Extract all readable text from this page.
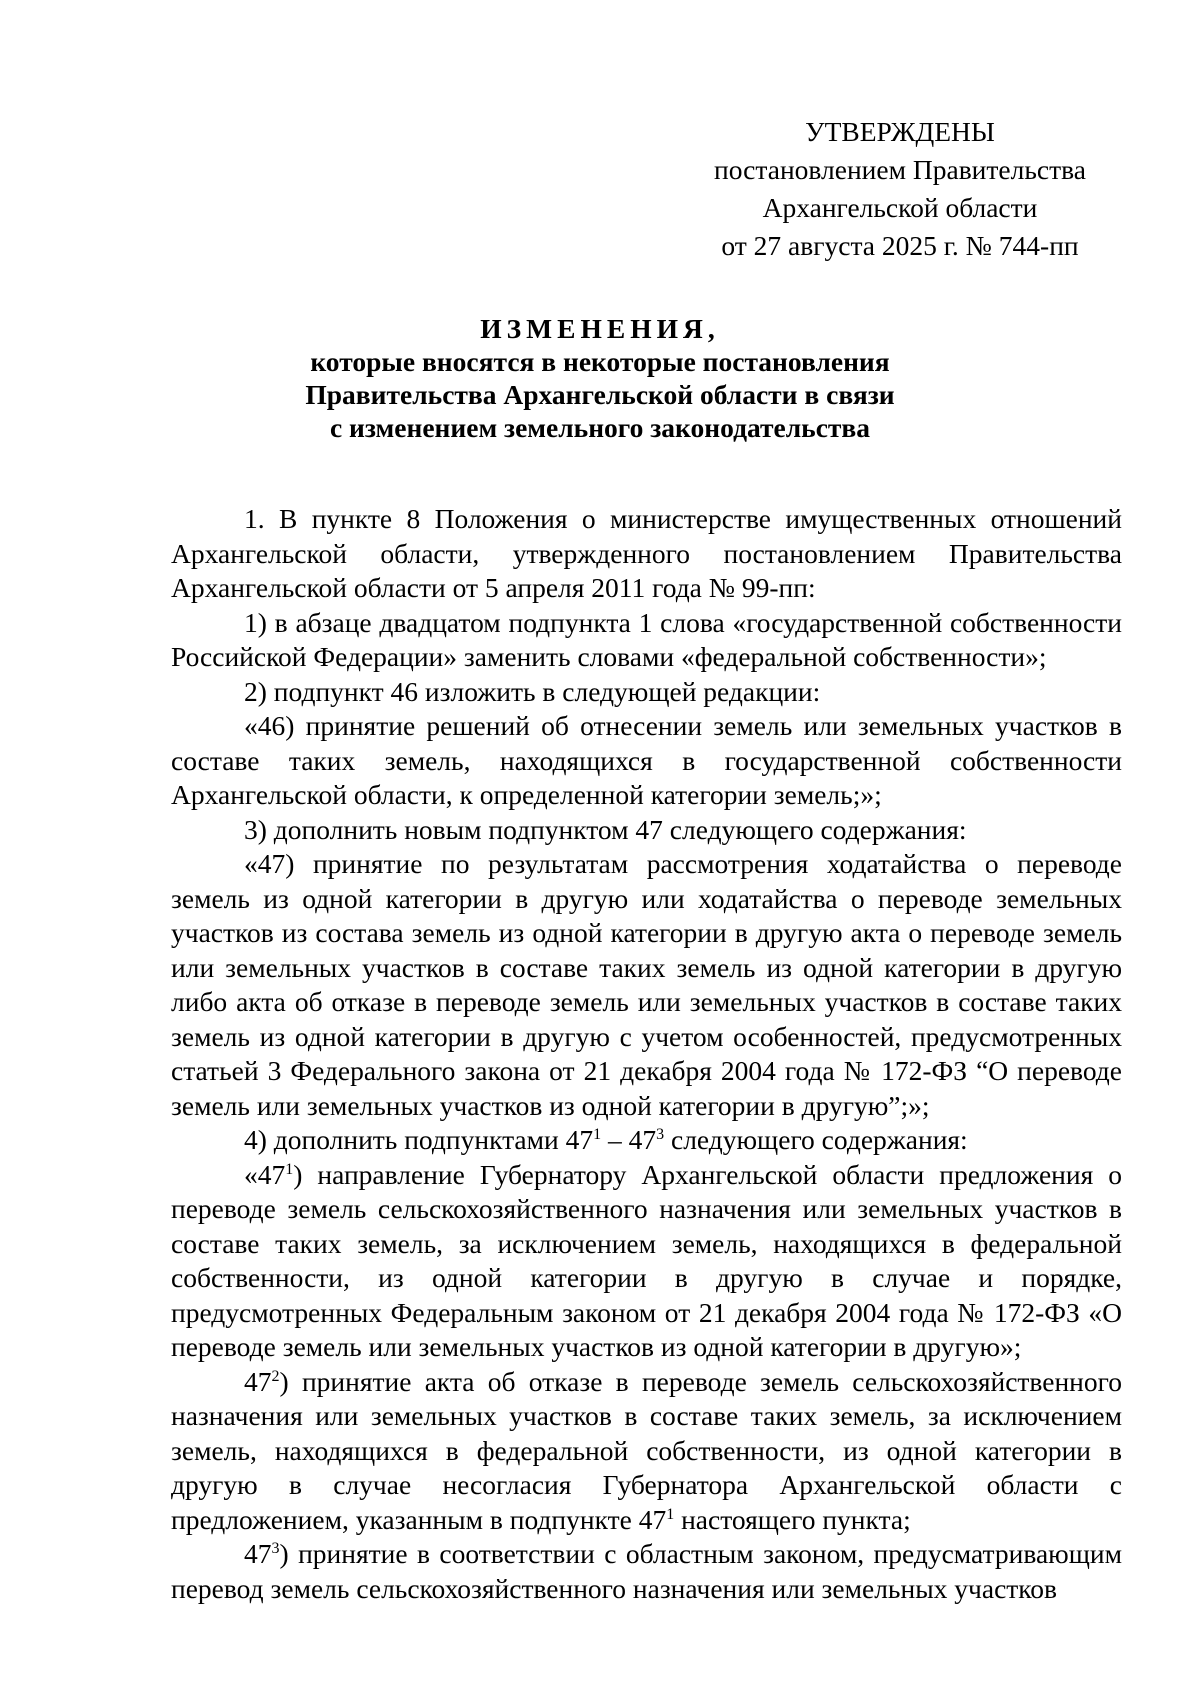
УТВЕРЖДЕНЫ
постановлением Правительства
Архангельской области
от 27 августа 2025 г. № 744-пп
ИЗМЕНЕНИЯ,
которые вносятся в некоторые постановления
Правительства Архангельской области в связи
с изменением земельного законодательства

1. В пункте 8 Положения о министерстве имущественных отношений Архангельской области, утвержденного постановлением Правительства Архангельской области от 5 апреля 2011 года № 99-пп:

1) в абзаце двадцатом подпункта 1 слова «государственной собственности Российской Федерации» заменить словами «федеральной собственности»;

2) подпункт 46 изложить в следующей редакции:

«46) принятие решений об отнесении земель или земельных участков в составе таких земель, находящихся в государственной собственности Архангельской области, к определенной категории земель;»;

3) дополнить новым подпунктом 47 следующего содержания:

«47) принятие по результатам рассмотрения ходатайства о переводе земель из одной категории в другую или ходатайства о переводе земельных участков из состава земель из одной категории в другую акта о переводе земель или земельных участков в составе таких земель из одной категории в другую либо акта об отказе в переводе земель или земельных участков в составе таких земель из одной категории в другую с учетом особенностей, предусмотренных статьей 3 Федерального закона от 21 декабря 2004 года № 172-ФЗ “О переводе земель или земельных участков из одной категории в другую”;»;

4) дополнить подпунктами $47^1 - 47^3$ следующего содержания:

«$47^1$) направление Губернатору Архангельской области предложения о переводе земель сельскохозяйственного назначения или земельных участков в составе таких земель, за исключением земель, находящихся в федеральной собственности, из одной категории в другую в случае и порядке, предусмотренных Федеральным законом от 21 декабря 2004 года № 172-ФЗ «О переводе земель или земельных участков из одной категории в другую»;

$47^2$) принятие акта об отказе в переводе земель сельскохозяйственного назначения или земельных участков в составе таких земель, за исключением земель, находящихся в федеральной собственности, из одной категории в другую в случае несогласия Губернатора Архангельской области с предложением, указанным в подпункте $47^1$ настоящего пункта;

$47^3$) принятие в соответствии с областным законом, предусматривающим перевод земель сельскохозяйственного назначения или земельных участков
